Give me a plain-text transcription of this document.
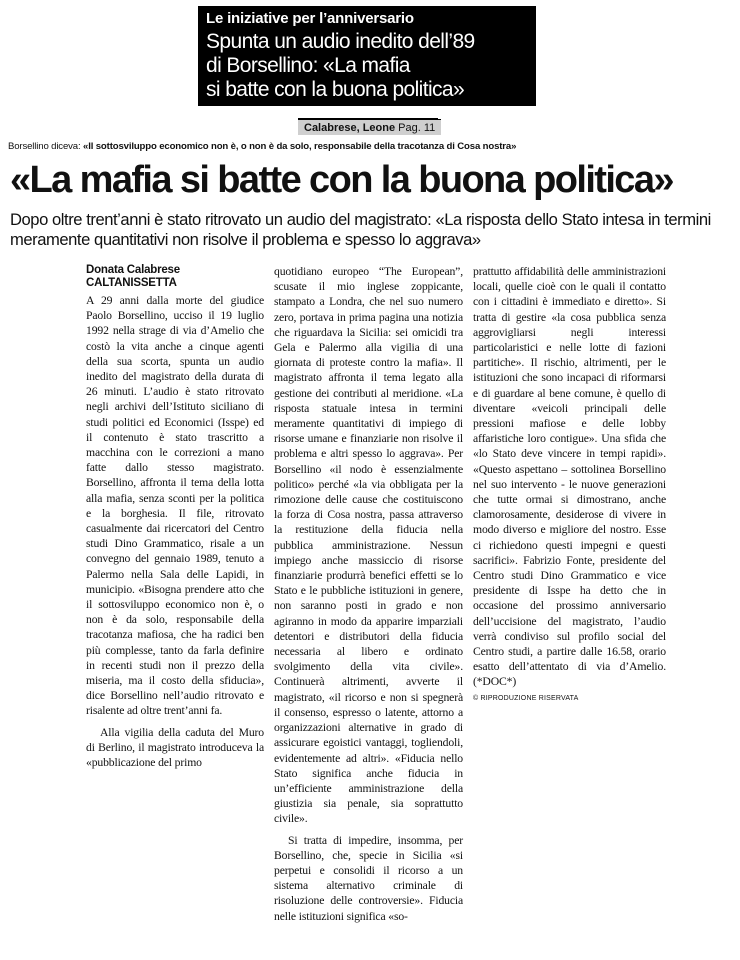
Le iniziative per l’anniversario
Spunta un audio inedito dell’89
di Borsellino: «La mafia
si batte con la buona politica»
Calabrese, Leone Pag. 11
Borsellino diceva: «Il sottosviluppo economico non è, o non è da solo, responsabile della tracotanza di Cosa nostra»
«La mafia si batte con la buona politica»
Dopo oltre trent’anni è stato ritrovato un audio del magistrato: «La risposta dello Stato intesa in termini meramente quantitativi non risolve il problema e spesso lo aggrava»
Donata Calabrese
CALTANISSETTA

A 29 anni dalla morte del giudice Paolo Borsellino, ucciso il 19 luglio 1992 nella strage di via d’Amelio che costò la vita anche a cinque agenti della sua scorta, spunta un audio inedito del magistrato della durata di 26 minuti. L’audio è stato ritrovato negli archivi dell’Istituto siciliano di studi politici ed Economici (Isspe) ed il contenuto è stato trascritto a macchina con le correzioni a mano fatte dallo stesso magistrato. Borsellino, affronta il tema della lotta alla mafia, senza sconti per la politica e la borghesia. Il file, ritrovato casualmente dai ricercatori del Centro studi Dino Grammatico, risale a un convegno del gennaio 1989, tenuto a Palermo nella Sala delle Lapidi, in municipio. «Bisogna prendere atto che il sottosviluppo economico non è, o non è da solo, responsabile della tracotanza mafiosa, che ha radici ben più complesse, tanto da farla definire in recenti studi non il prezzo della miseria, ma il costo della sfiducia», dice Borsellino nell’audio ritrovato e risalente ad oltre trent’anni fa.

Alla vigilia della caduta del Muro di Berlino, il magistrato introduceva la «pubblicazione del primo

quotidiano europeo “The European”, scusate il mio inglese zoppicante, stampato a Londra, che nel suo numero zero, portava in prima pagina una notizia che riguardava la Sicilia: sei omicidi tra Gela e Palermo alla vigilia di una giornata di proteste contro la mafia». Il magistrato affronta il tema legato alla gestione dei contributi al meridione. «La risposta statuale intesa in termini meramente quantitativi di impiego di risorse umane e finanziarie non risolve il problema e altri spesso lo aggrava». Per Borsellino «il nodo è essenzialmente politico» perché «la via obbligata per la rimozione delle cause che costituiscono la forza di Cosa nostra, passa attraverso la restituzione della fiducia nella pubblica amministrazione. Nessun impiego anche massiccio di risorse finanziarie produrrà benefici effetti se lo Stato e le pubbliche istituzioni in genere, non saranno posti in grado e non agiranno in modo da apparire imparziali detentori e distributori della fiducia necessaria al libero e ordinato svolgimento della vita civile». Continuerà altrimenti, avverte il magistrato, «il ricorso e non si spegnerà il consenso, espresso o latente, attorno a organizzazioni alternative in grado di assicurare egoistici vantaggi, togliendoli, evidentemente ad altri». «Fiducia nello Stato significa anche fiducia in un’efficiente amministrazione della giustizia sia penale, sia soprattutto civile».

Si tratta di impedire, insomma, per Borsellino, che, specie in Sicilia «si perpetui e consolidi il ricorso a un sistema alternativo criminale di risoluzione delle controversie». Fiducia nelle istituzioni significa «so-

prattutto affidabilità delle amministrazioni locali, quelle cioè con le quali il contatto con i cittadini è immediato e diretto». Si tratta di gestire «la cosa pubblica senza aggrovigliarsi negli interessi particolaristici e nelle lotte di fazioni partitiche». Il rischio, altrimenti, per le istituzioni che sono incapaci di riformarsi e di guardare al bene comune, è quello di diventare «veicoli principali delle pressioni mafiose e delle lobby affaristiche loro contigue». Una sfida che «lo Stato deve vincere in tempi rapidi». «Questo aspettano – sottolinea Borsellino nel suo intervento - le nuove generazioni che tutte ormai si dimostrano, anche clamorosamente, desiderose di vivere in modo diverso e migliore del nostro. Esse ci richiedono questi impegni e questi sacrifici». Fabrizio Fonte, presidente del Centro studi Dino Grammatico e vice presidente di Isspe ha detto che in occasione del prossimo anniversario dell’uccisione del magistrato, l’audio verrà condiviso sul profilo social del Centro studi, a partire dalle 16.58, orario esatto dell’attentato di via d’Amelio. (*DOC*)

© RIPRODUZIONE RISERVATA
